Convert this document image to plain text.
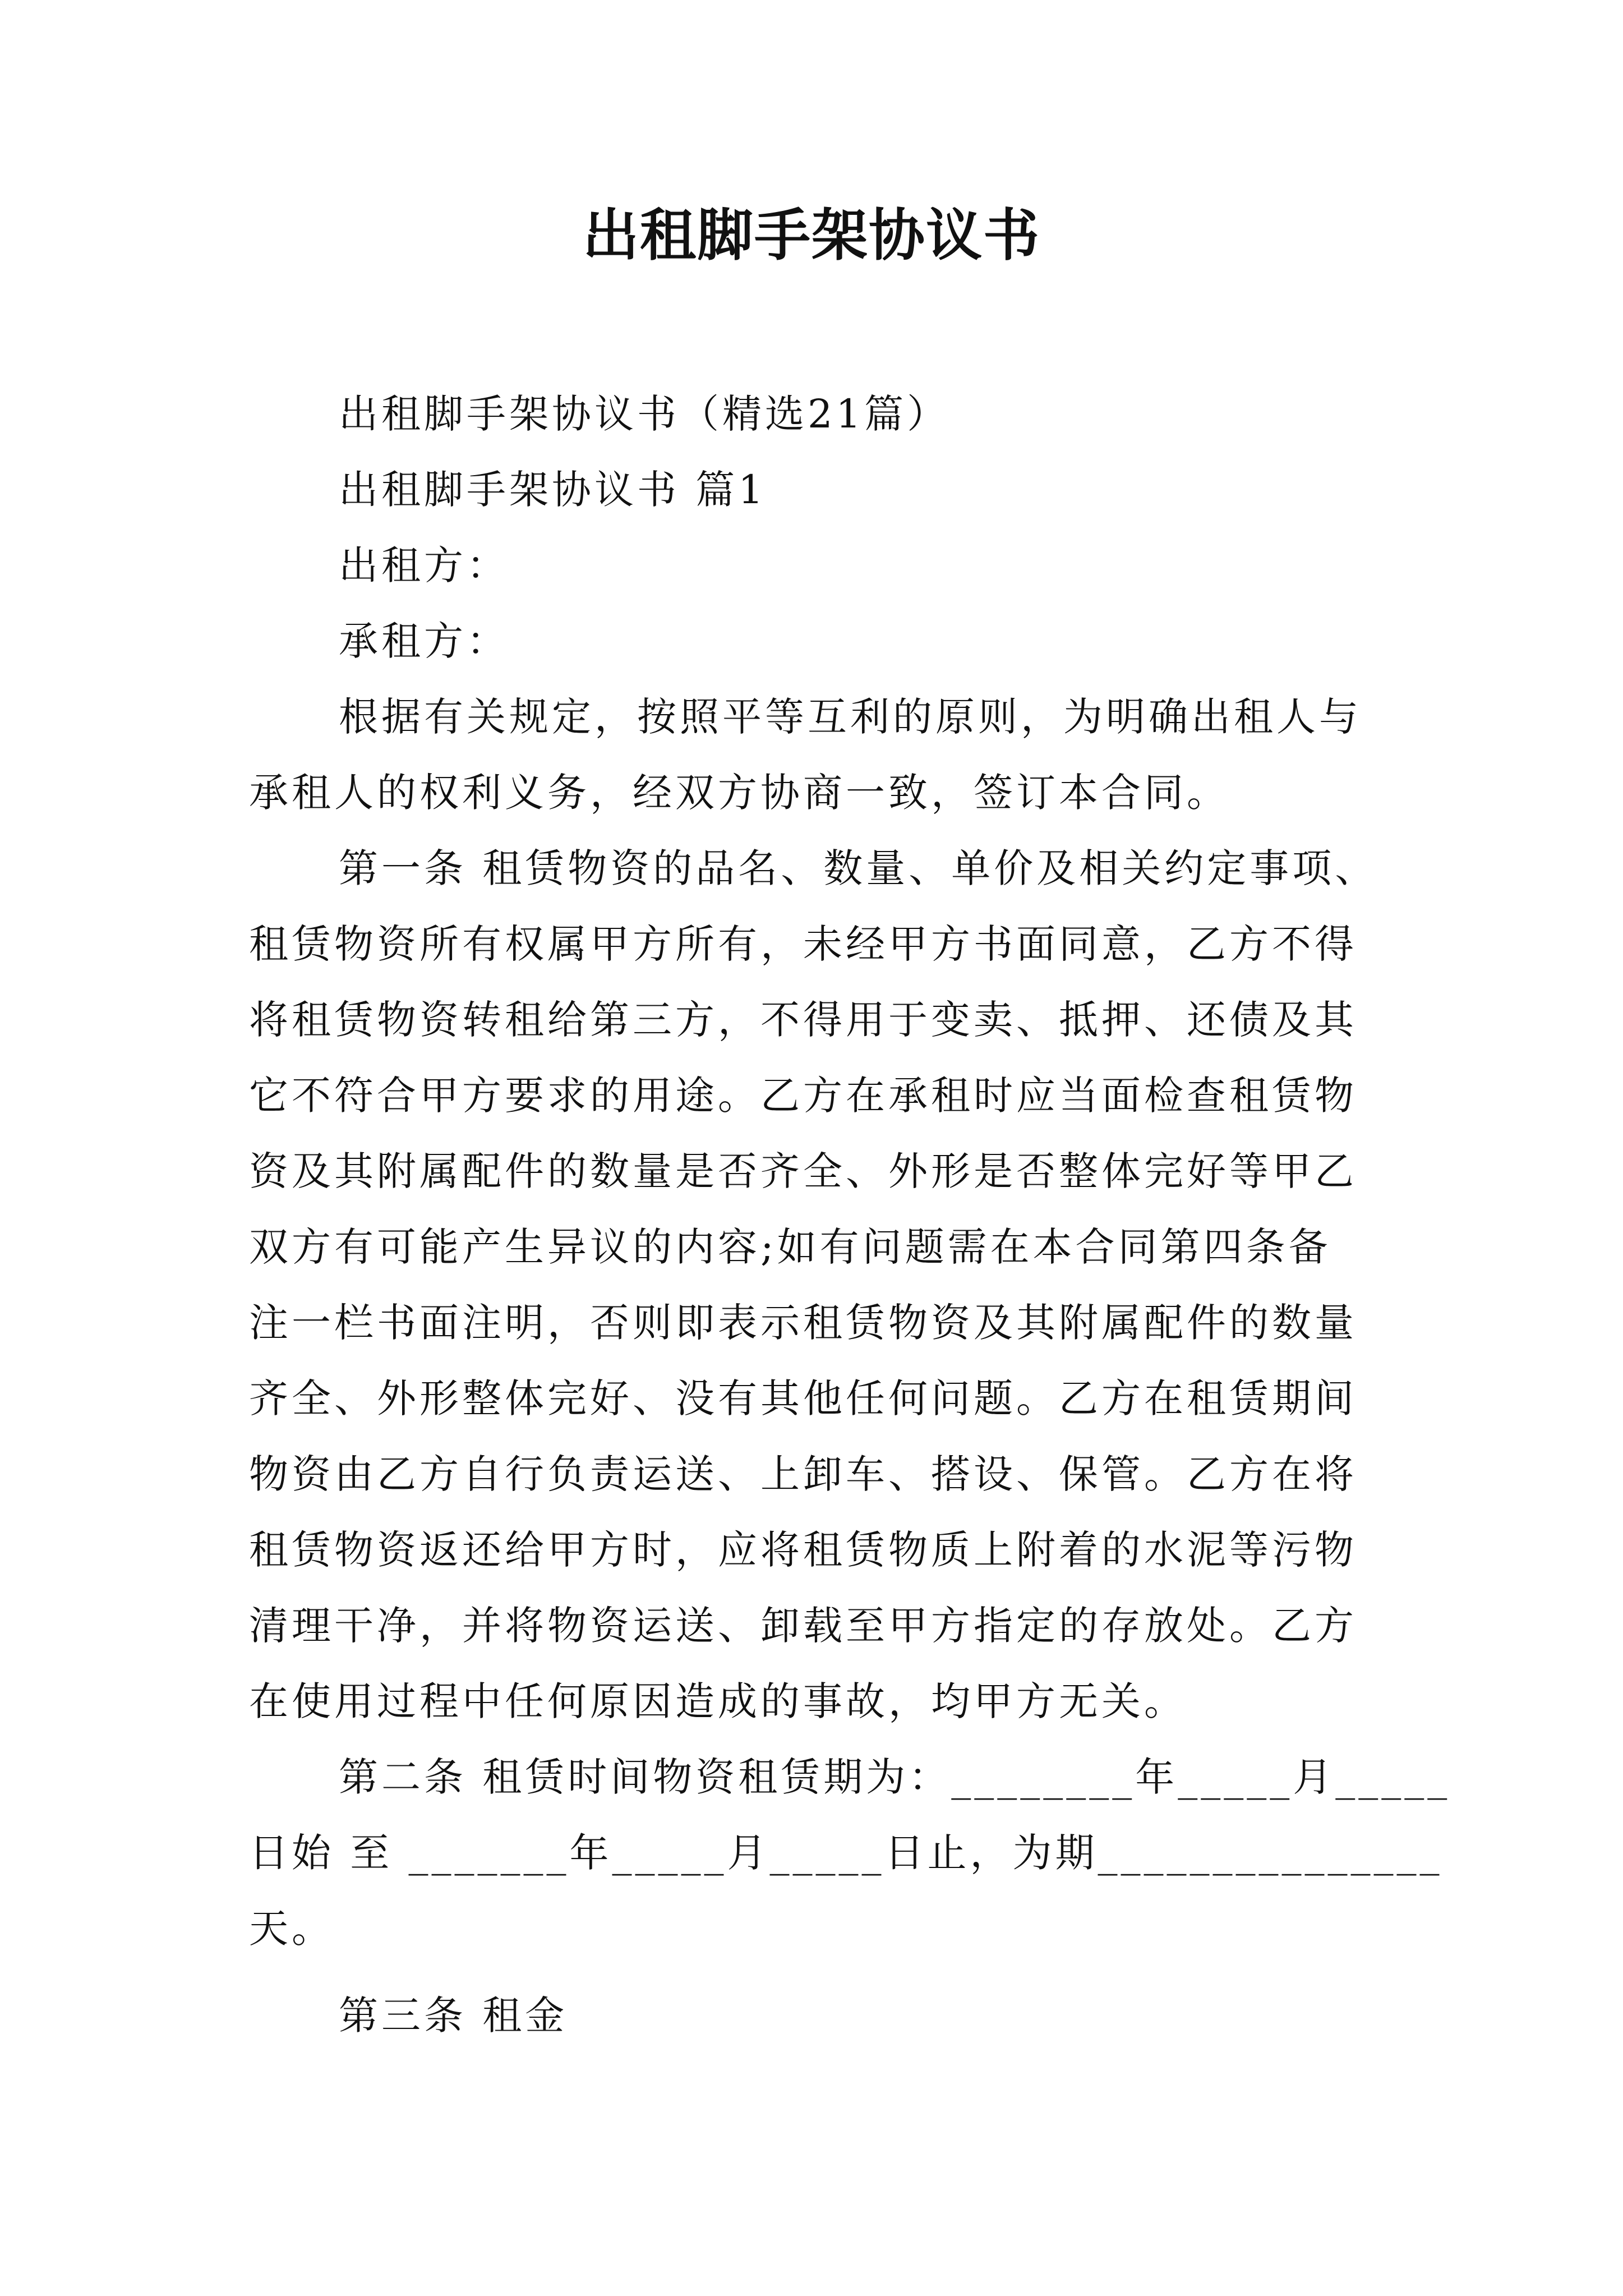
出租脚手架协议书
出租脚手架协议书（精选21篇）
出租脚手架协议书 篇1
出租方：
承租方：
根据有关规定，按照平等互利的原则，为明确出租人与
承租人的权利义务，经双方协商一致，签订本合同。
第一条 租赁物资的品名、数量、单价及相关约定事项、
租赁物资所有权属甲方所有，未经甲方书面同意，乙方不得
将租赁物资转租给第三方，不得用于变卖、抵押、还债及其
它不符合甲方要求的用途。乙方在承租时应当面检查租赁物
资及其附属配件的数量是否齐全、外形是否整体完好等甲乙
双方有可能产生异议的内容;如有问题需在本合同第四条备
注一栏书面注明，否则即表示租赁物资及其附属配件的数量
齐全、外形整体完好、没有其他任何问题。乙方在租赁期间
物资由乙方自行负责运送、上卸车、搭设、保管。乙方在将
租赁物资返还给甲方时，应将租赁物质上附着的水泥等污物
清理干净，并将物资运送、卸载至甲方指定的存放处。乙方
在使用过程中任何原因造成的事故，均甲方无关。
第二条 租赁时间物资租赁期为：________年_____月_____
日始 至 _______年_____月_____日止，为期_______________
天。
第三条 租金
